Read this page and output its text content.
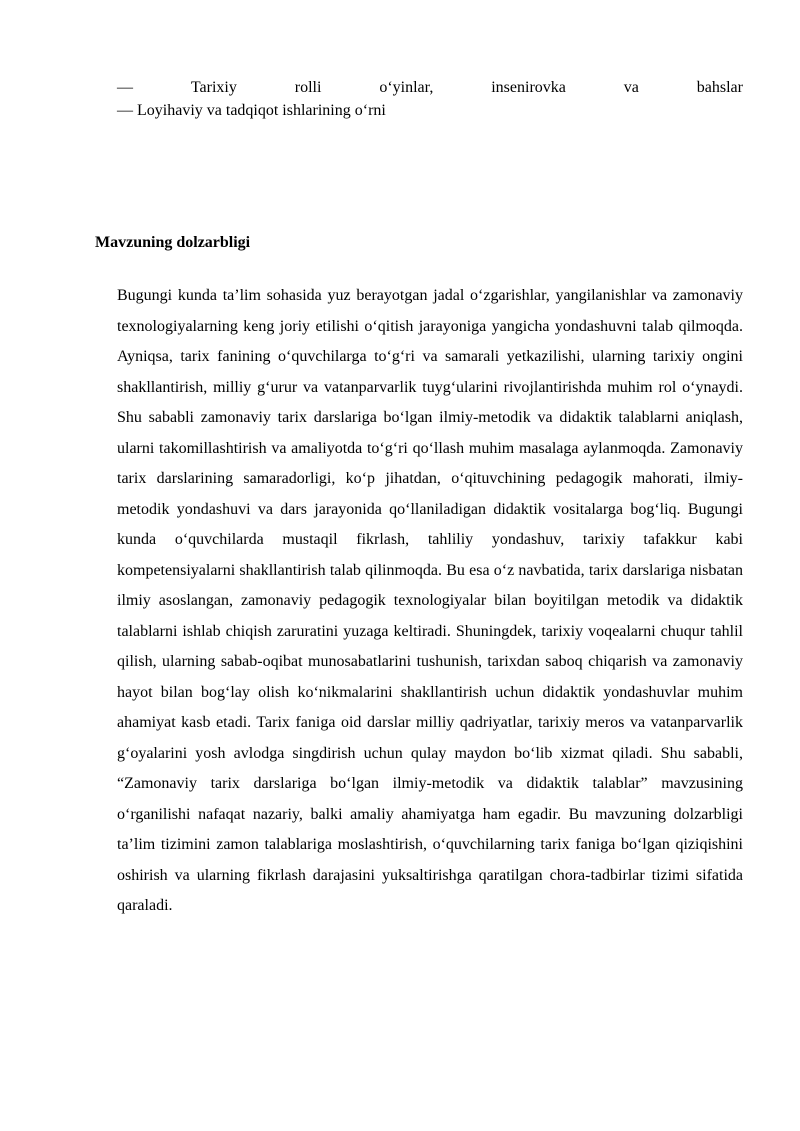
—	Tarixiy	rolli	o‘yinlar,	insenirovka	va	bahslar

— Loyihaviy va tadqiqot ishlarining o‘rni

Mavzuning dolzarbligi

Bugungi kunda ta’lim sohasida yuz berayotgan jadal o‘zgarishlar, yangilanishlar va zamonaviy texnologiyalarning keng joriy etilishi o‘qitish jarayoniga yangicha yondashuvni talab qilmoqda. Ayniqsa, tarix fanining o‘quvchilarga to‘g‘ri va samarali yetkazilishi, ularning tarixiy ongini shakllantirish, milliy g‘urur va vatanparvarlik tuyg‘ularini rivojlantirishda muhim rol o‘ynaydi. Shu sababli zamonaviy tarix darslariga bo‘lgan ilmiy-metodik va didaktik talablarni aniqlash, ularni takomillashtirish va amaliyotda to‘g‘ri qo‘llash muhim masalaga aylanmoqda. Zamonaviy tarix darslarining samaradorligi, ko‘p jihatdan, o‘qituvchining pedagogik mahorati, ilmiy-metodik yondashuvi va dars jarayonida qo‘llaniladigan didaktik vositalarga bog‘liq. Bugungi kunda o‘quvchilarda mustaqil fikrlash, tahliliy yondashuv, tarixiy tafakkur kabi kompetensiyalarni shakllantirish talab qilinmoqda. Bu esa o‘z navbatida, tarix darslariga nisbatan ilmiy asoslangan, zamonaviy pedagogik texnologiyalar bilan boyitilgan metodik va didaktik talablarni ishlab chiqish zaruratini yuzaga keltiradi. Shuningdek, tarixiy voqealarni chuqur tahlil qilish, ularning sabab-oqibat munosabatlarini tushunish, tarixdan saboq chiqarish va zamonaviy hayot bilan bog‘lay olish ko‘nikmalarini shakllantirish uchun didaktik yondashuvlar muhim ahamiyat kasb etadi. Tarix faniga oid darslar milliy qadriyatlar, tarixiy meros va vatanparvarlik g‘oyalarini yosh avlodga singdirish uchun qulay maydon bo‘lib xizmat qiladi. Shu sababli, “Zamonaviy tarix darslariga bo‘lgan ilmiy-metodik va didaktik talablar” mavzusining o‘rganilishi nafaqat nazariy, balki amaliy ahamiyatga ham egadir. Bu mavzuning dolzarbligi ta’lim tizimini zamon talablariga moslashtirish, o‘quvchilarning tarix faniga bo‘lgan qiziqishini oshirish va ularning fikrlash darajasini yuksaltirishga qaratilgan chora-tadbirlar tizimi sifatida qaraladi.
